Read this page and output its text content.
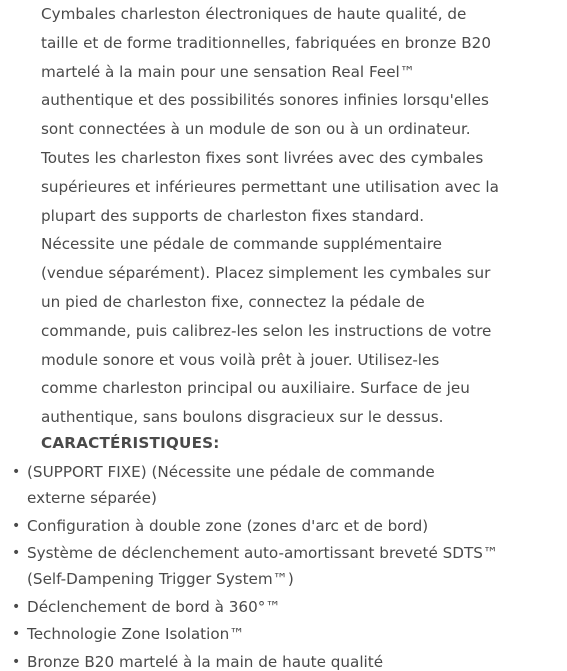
Cymbales charleston électroniques de haute qualité, de
taille et de forme traditionnelles, fabriquées en bronze B20
martelé à la main pour une sensation Real Feel™
authentique et des possibilités sonores infinies lorsqu'elles
sont connectées à un module de son ou à un ordinateur.
Toutes les charleston fixes sont livrées avec des cymbales
supérieures et inférieures permettant une utilisation avec la
plupart des supports de charleston fixes standard.
Nécessite une pédale de commande supplémentaire
(vendue séparément). Placez simplement les cymbales sur
un pied de charleston fixe, connectez la pédale de
commande, puis calibrez-les selon les instructions de votre
module sonore et vous voilà prêt à jouer. Utilisez-les
comme charleston principal ou auxiliaire. Surface de jeu
authentique, sans boulons disgracieux sur le dessus.
CARACTÉRISTIQUES:
• (SUPPORT FIXE) (Nécessite une pédale de commande
externe séparée)
• Configuration à double zone (zones d'arc et de bord)
• Système de déclenchement auto-amortissant breveté SDTS™
(Self-Dampening Trigger System™)
• Déclenchement de bord à 360°™
• Technologie Zone Isolation™
• Bronze B20 martelé à la main de haute qualité
